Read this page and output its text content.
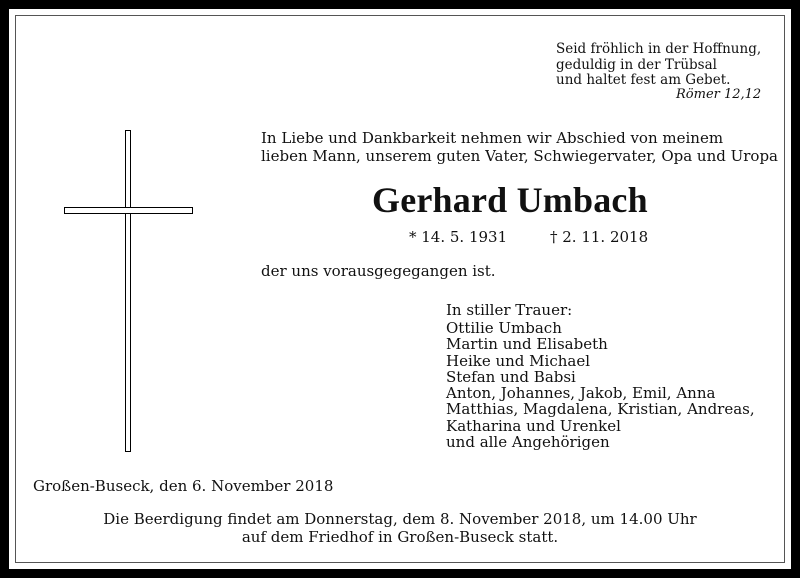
Seid fröhlich in der Hoffnung,
geduldig in der Trübsal
und haltet fest am Gebet.
Römer 12,12
In Liebe und Dankbarkeit nehmen wir Abschied von meinem
lieben Mann, unserem guten Vater, Schwiegervater, Opa und Uropa
Gerhard Umbach
* 14. 5. 1931	† 2. 11. 2018
der uns vorausgegegangen ist.
In stiller Trauer:
Ottilie Umbach
Martin und Elisabeth
Heike und Michael
Stefan und Babsi
Anton, Johannes, Jakob, Emil, Anna
Matthias, Magdalena, Kristian, Andreas,
Katharina und Urenkel
und alle Angehörigen
Großen-Buseck, den 6. November 2018
Die Beerdigung findet am Donnerstag, dem 8. November 2018, um 14.00 Uhr
auf dem Friedhof in Großen-Buseck statt.
